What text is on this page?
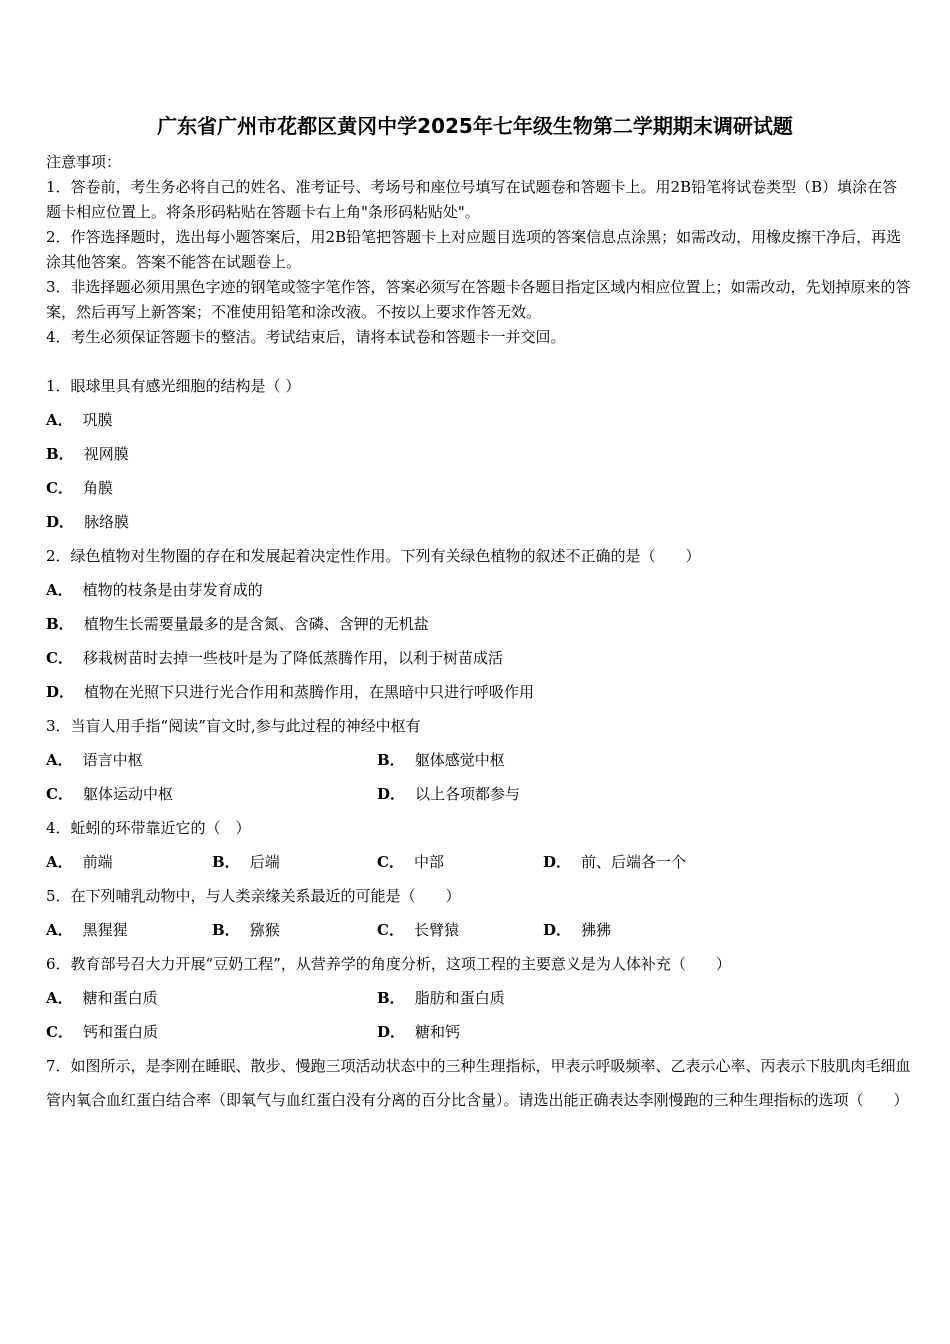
广东省广州市花都区黄冈中学2025年七年级生物第二学期期末调研试题
注意事项：
1．答卷前，考生务必将自己的姓名、准考证号、考场号和座位号填写在试题卷和答题卡上。用2B铅笔将试卷类型（B）填涂在答题卡相应位置上。将条形码粘贴在答题卡右上角"条形码粘贴处"。
2．作答选择题时，选出每小题答案后，用2B铅笔把答题卡上对应题目选项的答案信息点涂黑；如需改动，用橡皮擦干净后，再选涂其他答案。答案不能答在试题卷上。
3．非选择题必须用黑色字迹的钢笔或签字笔作答，答案必须写在答题卡各题目指定区域内相应位置上；如需改动，先划掉原来的答案，然后再写上新答案；不准使用铅笔和涂改液。不按以上要求作答无效。
4．考生必须保证答题卡的整洁。考试结束后，请将本试卷和答题卡一并交回。
1．眼球里具有感光细胞的结构是（ ）
A． 巩膜
B． 视网膜
C． 角膜
D． 脉络膜
2．绿色植物对生物圈的存在和发展起着决定性作用。下列有关绿色植物的叙述不正确的是（　　）
A． 植物的枝条是由芽发育成的
B． 植物生长需要量最多的是含氮、含磷、含钾的无机盐
C． 移栽树苗时去掉一些枝叶是为了降低蒸腾作用，以利于树苗成活
D． 植物在光照下只进行光合作用和蒸腾作用，在黑暗中只进行呼吸作用
3．当盲人用手指“阅读”盲文时,参与此过程的神经中枢有
A． 语言中枢	B． 躯体感觉中枢
C． 躯体运动中枢	D． 以上各项都参与
4．蚯蚓的环带靠近它的（　）
A． 前端	B． 后端	C． 中部	D． 前、后端各一个
5．在下列哺乳动物中，与人类亲缘关系最近的可能是（　　）
A． 黑猩猩	B． 猕猴	C． 长臂猿	D． 狒狒
6．教育部号召大力开展“豆奶工程”，从营养学的角度分析，这项工程的主要意义是为人体补充（　　）
A． 糖和蛋白质	B． 脂肪和蛋白质
C． 钙和蛋白质	D． 糖和钙
7．如图所示，是李刚在睡眠、散步、慢跑三项活动状态中的三种生理指标，甲表示呼吸频率、乙表示心率、丙表示下肢肌肉毛细血管内氧合血红蛋白结合率（即氧气与血红蛋白没有分离的百分比含量）。请选出能正确表达李刚慢跑的三种生理指标的选项（　　）
